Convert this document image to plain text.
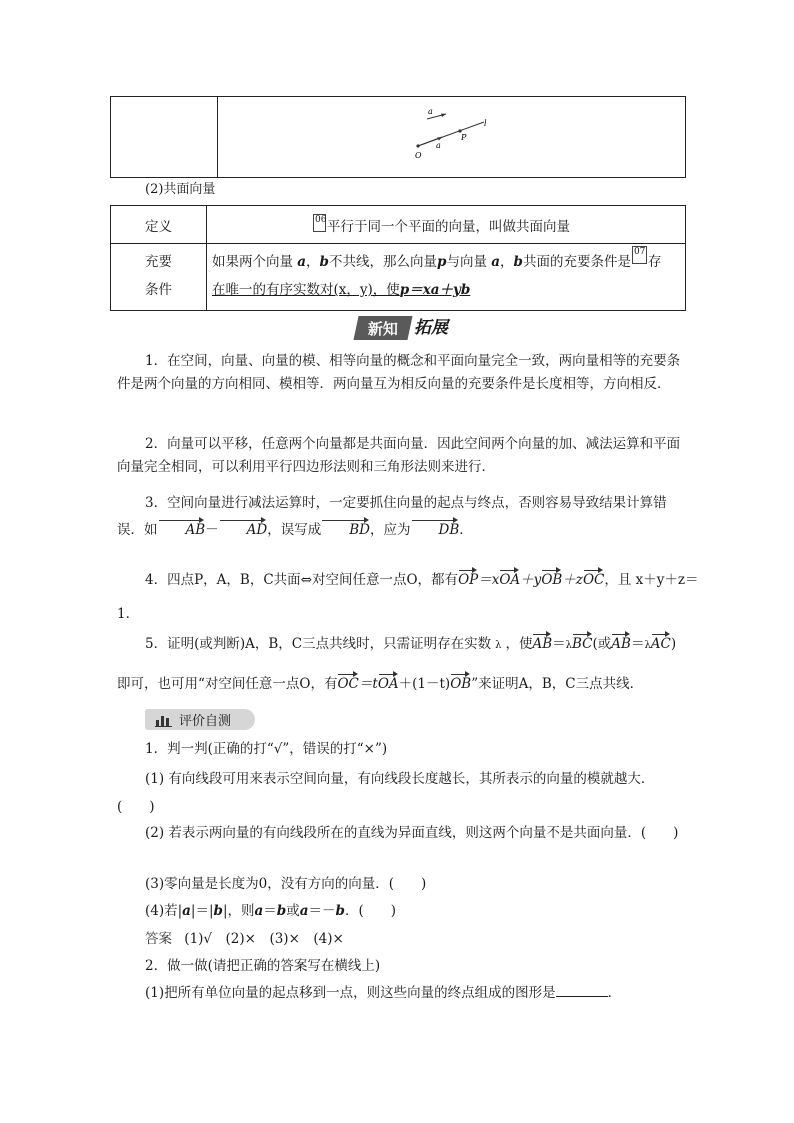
a
a
P
l
O
(2)共面向量
定义	06 平行于同一个平面的向量，叫做共面向量
充要
条件
如果两个向量 a，b不共线，那么向量p与向量 a，b共面的充要条件是07存
在唯一的有序实数对(x，y)，使p＝xa＋yb
新知 拓展
1．在空间，向量、向量的模、相等向量的概念和平面向量完全一致，两向量相等的充要条件是两个向量的方向相同、模相等．两向量互为相反向量的充要条件是长度相等，方向相反．
2．向量可以平移，任意两个向量都是共面向量．因此空间两个向量的加、减法运算和平面向量完全相同，可以利用平行四边形法则和三角形法则来进行．
3．空间向量进行减法运算时，一定要抓住向量的起点与终点，否则容易导致结果计算错误．如 AB－ AD，误写成 BD，应为 DB．
4．四点P，A，B，C共面⇔对空间任意一点O，都有OP＝xOA＋yOB＋zOC，且 x＋y＋z＝
1．
5．证明(或判断)A，B，C三点共线时，只需证明存在实数 λ ，使AB＝λBC(或AB＝λAC)
即可，也可用“对空间任意一点O，有OC＝tOA＋(1－t)OB”来证明A，B，C三点共线．
评价自测
1．判一判(正确的打“√”，错误的打“×”)
(1) 有向线段可用来表示空间向量，有向线段长度越长，其所表示的向量的模就越大．(　　)
(2) 若表示两向量的有向线段所在的直线为异面直线，则这两个向量不是共面向量．(　　)
(3)零向量是长度为0，没有方向的向量．(　　)
(4)若|a|＝|b|，则a＝b或a＝－b．(　　)
答案 (1)√　(2)×　(3)×　(4)×
2．做一做(请把正确的答案写在横线上)
(1)把所有单位向量的起点移到一点，则这些向量的终点组成的图形是	．
